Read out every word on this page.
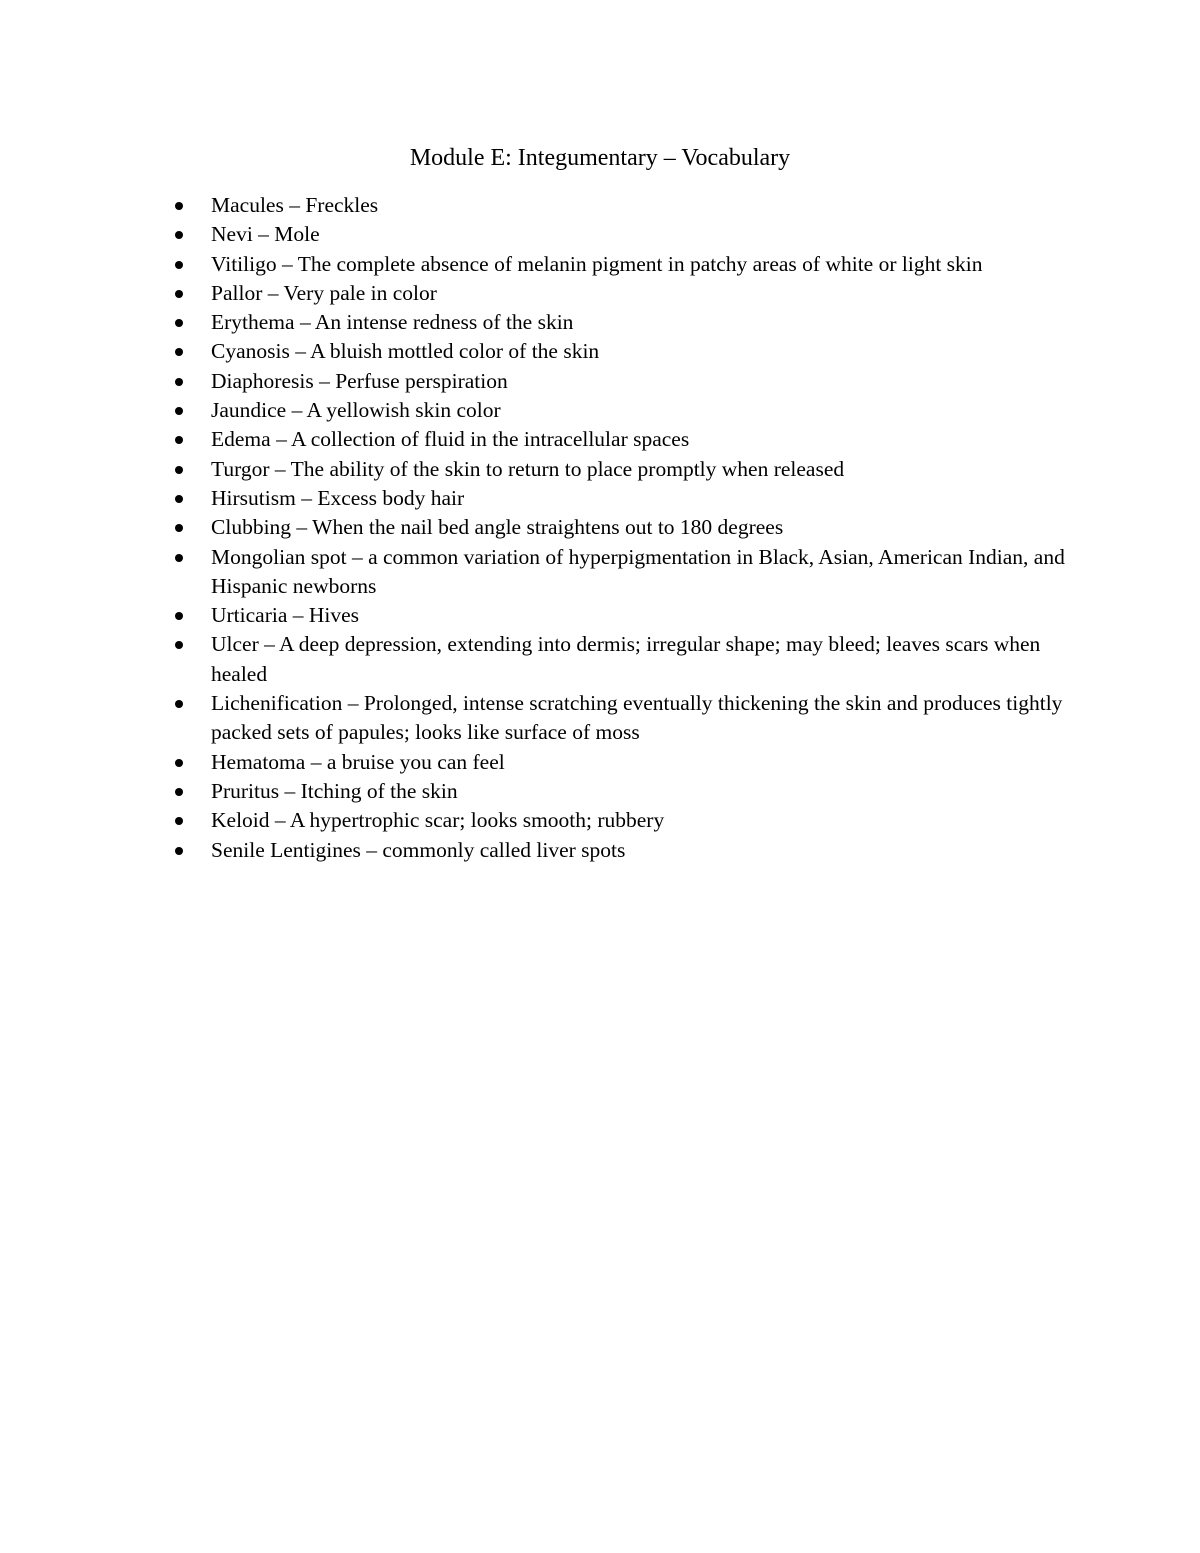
Module E: Integumentary – Vocabulary
Macules – Freckles
Nevi – Mole
Vitiligo – The complete absence of melanin pigment in patchy areas of white or light skin
Pallor – Very pale in color
Erythema – An intense redness of the skin
Cyanosis – A bluish mottled color of the skin
Diaphoresis – Perfuse perspiration
Jaundice – A yellowish skin color
Edema – A collection of fluid in the intracellular spaces
Turgor – The ability of the skin to return to place promptly when released
Hirsutism – Excess body hair
Clubbing – When the nail bed angle straightens out to 180 degrees
Mongolian spot – a common variation of hyperpigmentation in Black, Asian, American Indian, and Hispanic newborns
Urticaria – Hives
Ulcer – A deep depression, extending into dermis; irregular shape; may bleed; leaves scars when healed
Lichenification – Prolonged, intense scratching eventually thickening the skin and produces tightly packed sets of papules; looks like surface of moss
Hematoma – a bruise you can feel
Pruritus – Itching of the skin
Keloid – A hypertrophic scar; looks smooth; rubbery
Senile Lentigines – commonly called liver spots
